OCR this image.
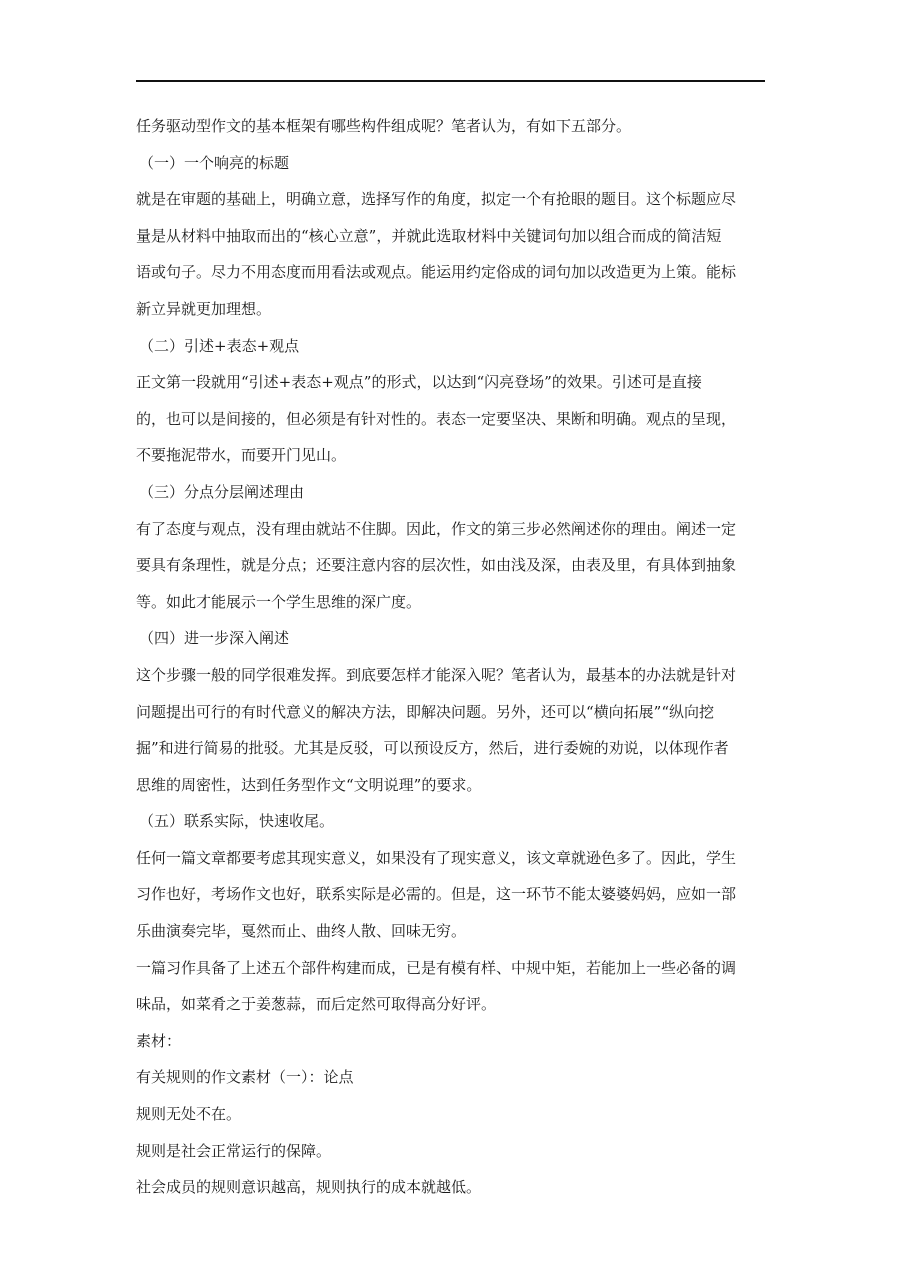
任务驱动型作文的基本框架有哪些构件组成呢？笔者认为，有如下五部分。
（一）一个响亮的标题
就是在审题的基础上，明确立意，选择写作的角度，拟定一个有抢眼的题目。这个标题应尽
量是从材料中抽取而出的“核心立意”，并就此选取材料中关键词句加以组合而成的简洁短
语或句子。尽力不用态度而用看法或观点。能运用约定俗成的词句加以改造更为上策。能标
新立异就更加理想。
（二）引述+表态+观点
正文第一段就用“引述+表态+观点”的形式，以达到“闪亮登场”的效果。引述可是直接
的，也可以是间接的，但必须是有针对性的。表态一定要坚决、果断和明确。观点的呈现，
不要拖泥带水，而要开门见山。
（三）分点分层阐述理由
有了态度与观点，没有理由就站不住脚。因此，作文的第三步必然阐述你的理由。阐述一定
要具有条理性，就是分点；还要注意内容的层次性，如由浅及深，由表及里，有具体到抽象
等。如此才能展示一个学生思维的深广度。
（四）进一步深入阐述
这个步骤一般的同学很难发挥。到底要怎样才能深入呢？笔者认为，最基本的办法就是针对
问题提出可行的有时代意义的解决方法，即解决问题。另外，还可以“横向拓展”“纵向挖
掘”和进行简易的批驳。尤其是反驳，可以预设反方，然后，进行委婉的劝说，以体现作者
思维的周密性，达到任务型作文“文明说理”的要求。
（五）联系实际，快速收尾。
任何一篇文章都要考虑其现实意义，如果没有了现实意义，该文章就逊色多了。因此，学生
习作也好，考场作文也好，联系实际是必需的。但是，这一环节不能太婆婆妈妈，应如一部
乐曲演奏完毕，戛然而止、曲终人散、回味无穷。
一篇习作具备了上述五个部件构建而成，已是有模有样、中规中矩，若能加上一些必备的调
味品，如菜肴之于姜葱蒜，而后定然可取得高分好评。
素材：
有关规则的作文素材（一）：论点
规则无处不在。
规则是社会正常运行的保障。
社会成员的规则意识越高，规则执行的成本就越低。
